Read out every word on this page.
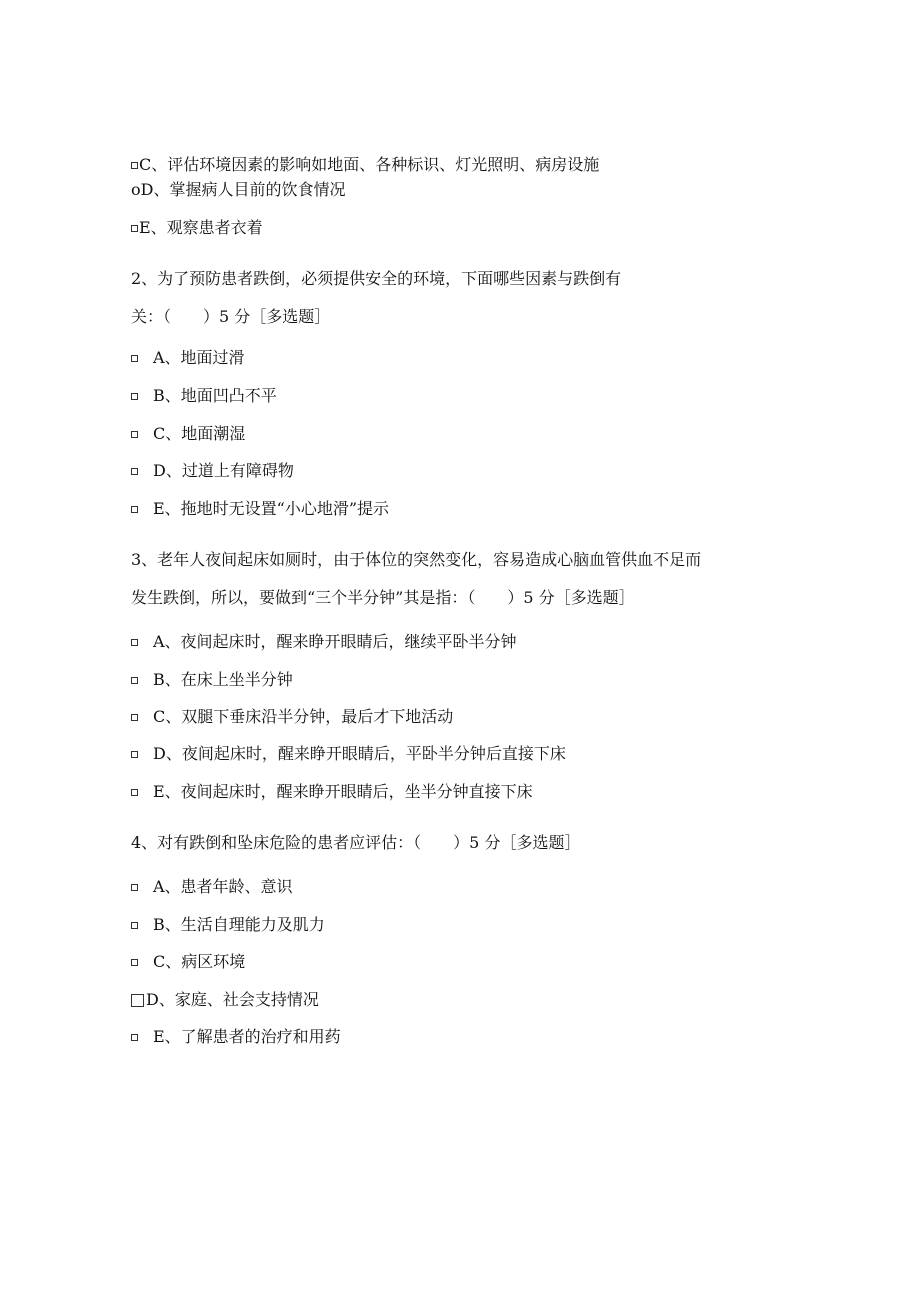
C、评估环境因素的影响如地面、各种标识、灯光照明、病房设施
o D、掌握病人目前的饮食情况
E、观察患者衣着
2、为了预防患者跌倒，必须提供安全的环境，下面哪些因素与跌倒有
关：（　　）5 分［多选题］
A、地面过滑
B、地面凹凸不平
C、地面潮湿
D、过道上有障碍物
E、拖地时无设置“小心地滑”提示
3、老年人夜间起床如厕时，由于体位的突然变化，容易造成心脑血管供血不足而
发生跌倒，所以，要做到“三个半分钟”其是指：（　　）5 分［多选题］
A、夜间起床时，醒来睁开眼睛后，继续平卧半分钟
B、在床上坐半分钟
C、双腿下垂床沿半分钟，最后才下地活动
D、夜间起床时，醒来睁开眼睛后，平卧半分钟后直接下床
E、夜间起床时，醒来睁开眼睛后，坐半分钟直接下床
4、对有跌倒和坠床危险的患者应评估：（　　）5 分［多选题］
A、患者年龄、意识
B、生活自理能力及肌力
C、病区环境
D、家庭、社会支持情况
E、了解患者的治疗和用药
